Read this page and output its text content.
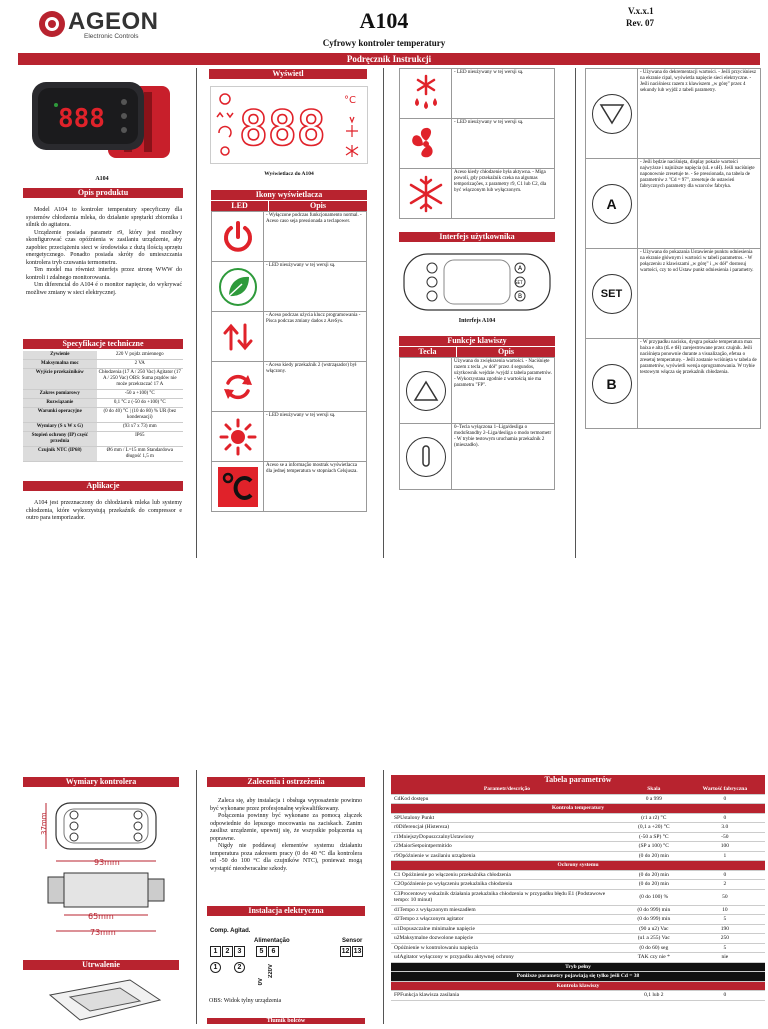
AGEON
Electronic Controls
A104
Cyfrowy kontroler temperatury
V.x.x.1
Rev. 07
Podręcznik Instrukcji
888
A104
Opis produktu

Model A104 to kontroler temperatury specyficzny dla systemów chłodzenia mleka, do działanie sprężarki zbiornika i silnik do agitatora.

Urządzenie posiada parametr r9, który jest możliwy skonfigurować czas opóźnienia w zasilaniu urządzenie, aby zapobiec przeciążeniu sieci w środowiska z dużą ilością sprzętu energetycznego. Ponadto posiada skróty do umieszczania kontrolera tryb czuwania termometru.

Ten model ma również interfejs przez stronę WWW do kontroli i zdalnego monitorowania.

Um diferencial do A104 é o monitor napięcie, do wykrywać możliwe zmiany w sieci elektrycznej.

Specyfikacje techniczne
Zywienie	220 V pojdz zmiennego
Maksymalna moc	2 VA
Wyjście przekaźników	Chłodzenia (17 A / 250 Vac) Agitator (17 A / 250 Vac) OBS: Suma prądów nie może przekraczać 17 A
Zakres pomiarowy	-50 a +100) °C
Rozwiązanie	0,1 °C z (-50 do +100) °C
Warunki operacyjne	(0 do 40) °C | (10 do 80) % UR (bez kondensacji)
Wymiary (S x W x G)	(93 x7 x 73) mm
Stopień ochrony (IP) część przednia	IP65
Czujnik NTC (IP68)	Ø6 mm / L=15 mm Standardowa długość 1,5 m
Aplikacje
A104 jest przeznaczony do chłodziarek mleka lub systemy chłodzenia, które wykorzystują przekaźnik do compressor e outro para temporizador.
Wymiary kontrolera
37mm
93mm
65mm
73mm
Utrwalenie
Wyświetl
888
°C
Wyświetlacz do A104
Ikony wyświetlacza
LED	Opis
	- Wyłączone podczas funkcjonamento normal. - Aceso caso seja pressionada a teclapower.

	- LED nieużywany w tej wersji są.

	- Aceso podczas użycia klucz programowania - Pisca podczas zmiany dados z AreSys.

	- Aceso kiedy przekaźnik 2 (wstrząsador) był włączony.

	- LED nieużywany w tej wersji są.

	Aceso se a informação mostrak wyświetlacza dla jednej temperatura w stopniach Celsjusza.
Zalecenia i ostrzeżenia

Zaleca się, aby instalacja i obsługa wyposażenie powinno być wykonane przez profesjonalnę wykwalifikowany.

Połączenia powinny być wykonane za pomocą złączek odpowiednie do lepszego mocowania na zaciskach. Zanim zasilisz urządzenie, upewnij się, że wszystkie połączenia są poprawne.

Nigdy nie poddawaj elementów systemu działaniu temperatura poza zakresem pracy (0 do 40 °C dla kontrolera od -50 do 100 °C dla czujników NTC), ponieważ mogą wystąpić nieodwracalne szkody.

Instalacja elektryczna
Comp. Agitad.
Alimentação	Sensor
1	2	3	5	6	12 13
1	2	220V
0V
OBS: Widok tylny urządzenia
Tłumik bolców
	- LED nieużywany w tej wersji są.

	- LED nieużywany w tej wersji są.

	Aceso kiedy chłodzenie była aktywna. - Miga powoli, gdy przekaźnik czeka na algumas temporizações, z parametry r9, C1 lub C2, dla być włączonym lub wyłączonym.
Interfejs użytkownika
A
SET
B
Interfejs A104
Funkcje klawiszy
Tecla	Opis
	Używana do zwiększenia wartości. - Naciśnięte razem z tecla „w dół” przez 4 segundos, użytkownik wejdzie /wyjdź z tabela parametrów. - Wykorzystana zgodnie z wartością nie ma parametru "FP".

	0–Tecla wyłączona 1–Liga/desliga o modoStandby 2–Liga/desliga o modo termometr - W trybie testowym uruchamia przekaźnik 2 (mieszadło).
Tabela parametrów
Parametr/descrição	Skala	Wartość fabryczna
CdKod dostępu	0 a 999	0
Kontrola temperatury		
SPUstalony Punkt	(r1 a r2) °C	0
r0Diferencjał (Histereza)	(0,1 a +20) °C	3.0
r1MniejszyDopuszczalnyUstawiony	(-50 a SP) °C	-50
r2MaiorSetpointpermitido	(SP a 100) °C	100
r9Opóźnienie w zasilaniu urządzenia	(0 do 20) min	1
Ochrony systemu		
C1 Opóźnienie po włączeniu przekaźnika chłodzenia	(0 do 20) min	0
C2Opóźnienie po wyłączeniu przekaźnika chłodzenia	(0 do 20) min	2
C3Procentowy wskaźnik działania przekaźnika chłodzenia w przypadku błędu E1 (Podstawowe tempo: 10 minut)	(0 do 100) %	50
d1Tempo z wyłączonym mieszadłem	(0 do 999) min	10
d2Tempo z włączonym agitator	(0 do 999) min	5
u1Dopuszczalne minimalne napięcie	(90 a u2) Vac	190
u2Maksymalne dozwolone napięcie	(u1 a 255) Vac	250
Opóźnienie w kontrolowaniu napięcia	(0 do 60) seg	5
u4Agitator wyłączony w przypadku aktywnej ochrony	TAK czy nie *	nie
Tryb pełny		
Poniższe parametry pojawiają się tylko jeśli Cd = 38		
Kontrola klawiszy		
FPFunkcja klawisza zasilania	0,1 lub 2	0
	- Używana do dekrementacji wartości. - Jeśli przyciśniesz na ekranie cipal, wyświetla napięcie sieci elektryczne. - Jeśli naciśniesz razem z klawiszem „w górę” przez 4 sekundy lub wyjdź z tabeli parametry.

A	- Jeśli będzie naciśnięta, display pokaże wartości najwyższe i najniższe napięcia (uL e uH). Jeśli naciśnięte naponownie zresetuje te. - Se pressionada, na tabela de parametrów z "Cd = 97", zresetuje do ustawień fabrycznych parametry dla wzorców fabryka.

SET	- Używana do pokazania Ustawienie punktu odniesienia na ekranie głównym i wartości w tabeli parametros. - W połączeniu z klawiszami „w górę” i „w dół” dostosuj wartości, czy to od Ustaw punkt odniesienia i parametry.

B	- W przypadku nacisku, dysgra pokaże temperatura max baixa e alta (tL e tH) zarejestrowane przez czujnik. Jeśli naciśnięta ponownie durante a visualização, efetua o zresetuj temperaturę. - Jeśli zostanie wciśnięta w tabela de parametrów, wyświetli wersja oprogramowania. W trybie testowym włącza się przekaźnik chłodzenia.
